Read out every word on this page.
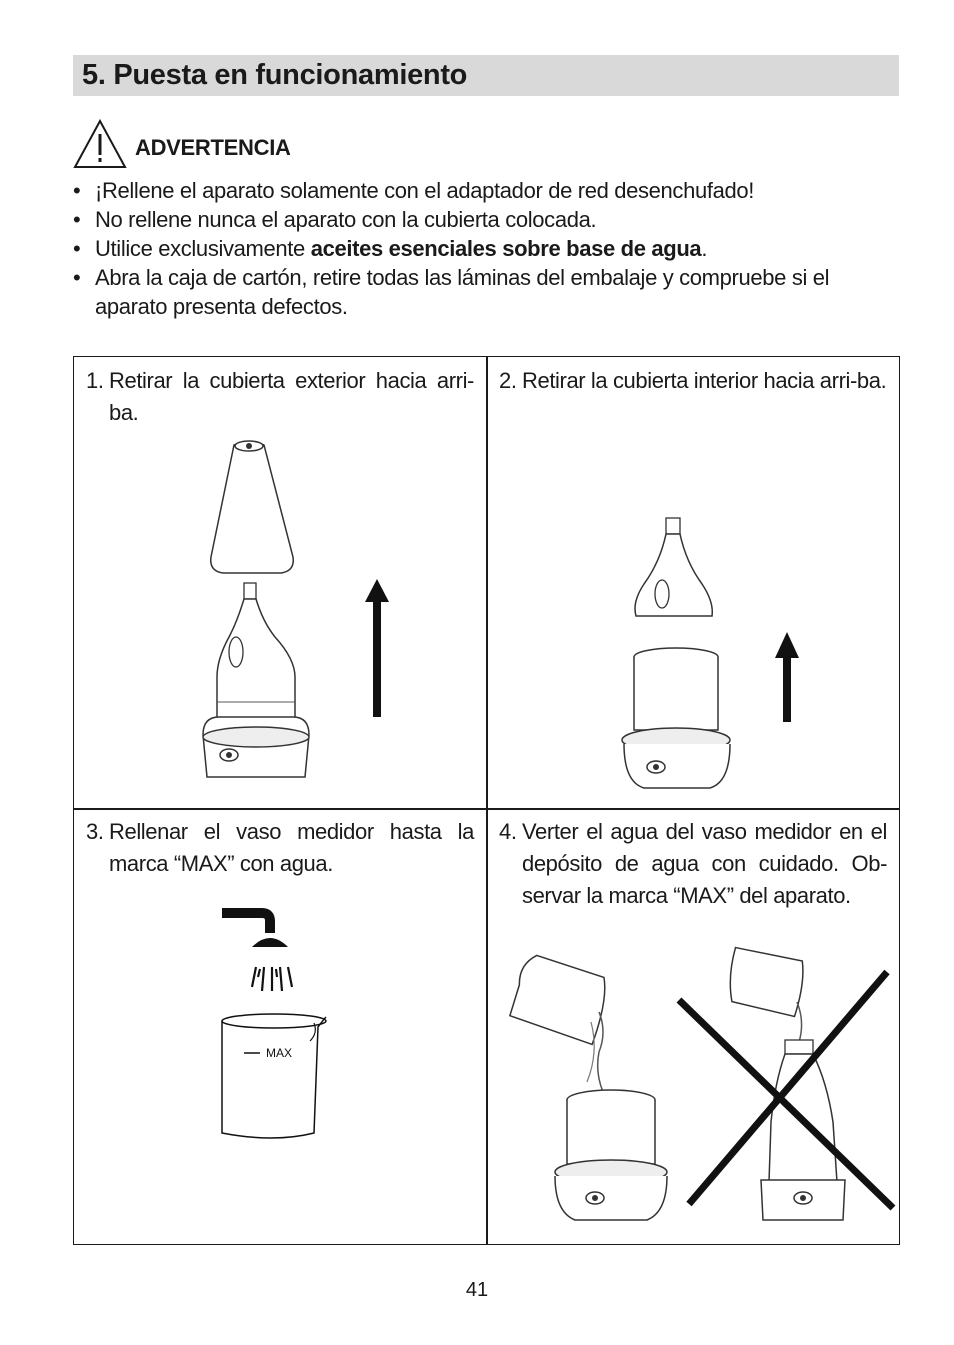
5. Puesta en funcionamiento
ADVERTENCIA
• ¡Rellene el aparato solamente con el adaptador de red desenchufado!
• No rellene nunca el aparato con la cubierta colocada.
• Utilice exclusivamente aceites esenciales sobre base de agua.
• Abra la caja de cartón, retire todas las láminas del embalaje y compruebe si el aparato presenta defectos.
1. Retirar la cubierta exterior hacia arri-ba.
2. Retirar la cubierta interior hacia arri-ba.
3. Rellenar el vaso medidor hasta la marca “MAX” con agua.
MAX
4. Verter el agua del vaso medidor en el depósito de agua con cuidado. Ob-servar la marca “MAX” del aparato.
41
